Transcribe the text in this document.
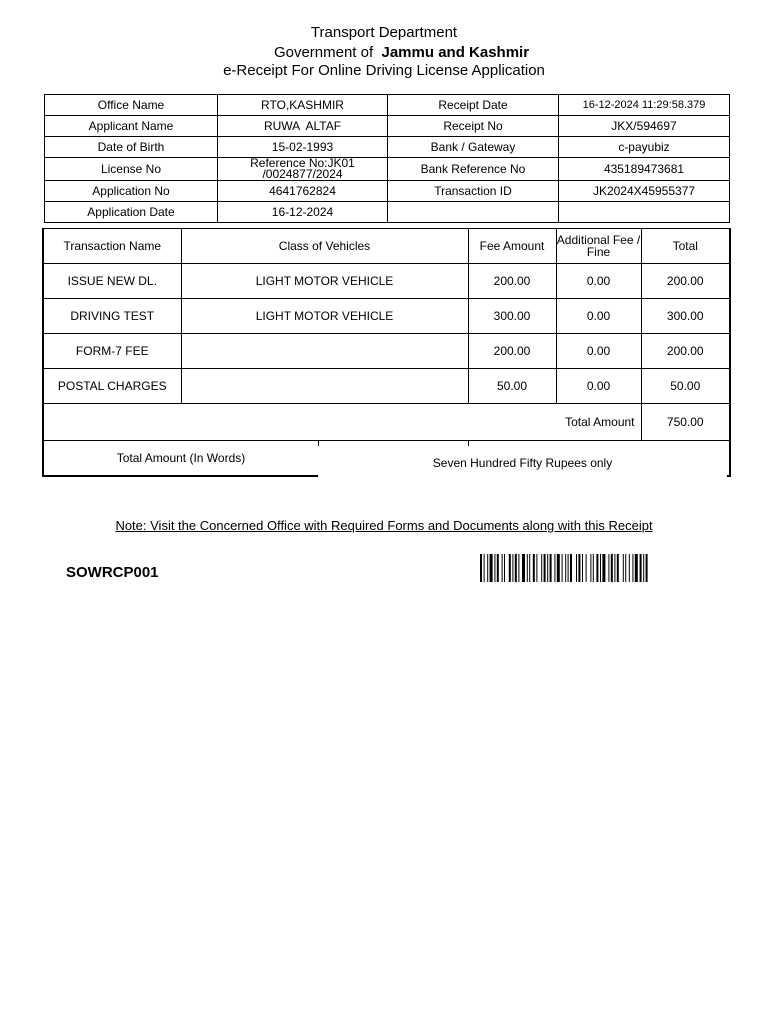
Transport Department
Government of Jammu and Kashmir
e-Receipt For Online Driving License Application
Office Name	RTO,KASHMIR	Receipt Date	16-12-2024 11:29:58.379
Applicant Name	RUWA  ALTAF	Receipt No	JKX/594697
Date of Birth	15-02-1993	Bank / Gateway	c-payubiz
License No	Reference No:JK01 /0024877/2024	Bank Reference No	435189473681
Application No	4641762824	Transaction ID	JK2024X45955377
Application Date	16-12-2024		
Transaction Name	Class of Vehicles	Fee Amount	Additional Fee / Fine	Total
ISSUE NEW DL.	LIGHT MOTOR VEHICLE	200.00	0.00	200.00
DRIVING TEST	LIGHT MOTOR VEHICLE	300.00	0.00	300.00
FORM-7 FEE		200.00	0.00	200.00
POSTAL CHARGES		50.00	0.00	50.00
Total Amount				750.00

Total Amount (In Words)				
		Seven Hundred Fifty Rupees only
Note: Visit the Concerned Office with Required Forms and Documents along with this Receipt
SOWRCP001
